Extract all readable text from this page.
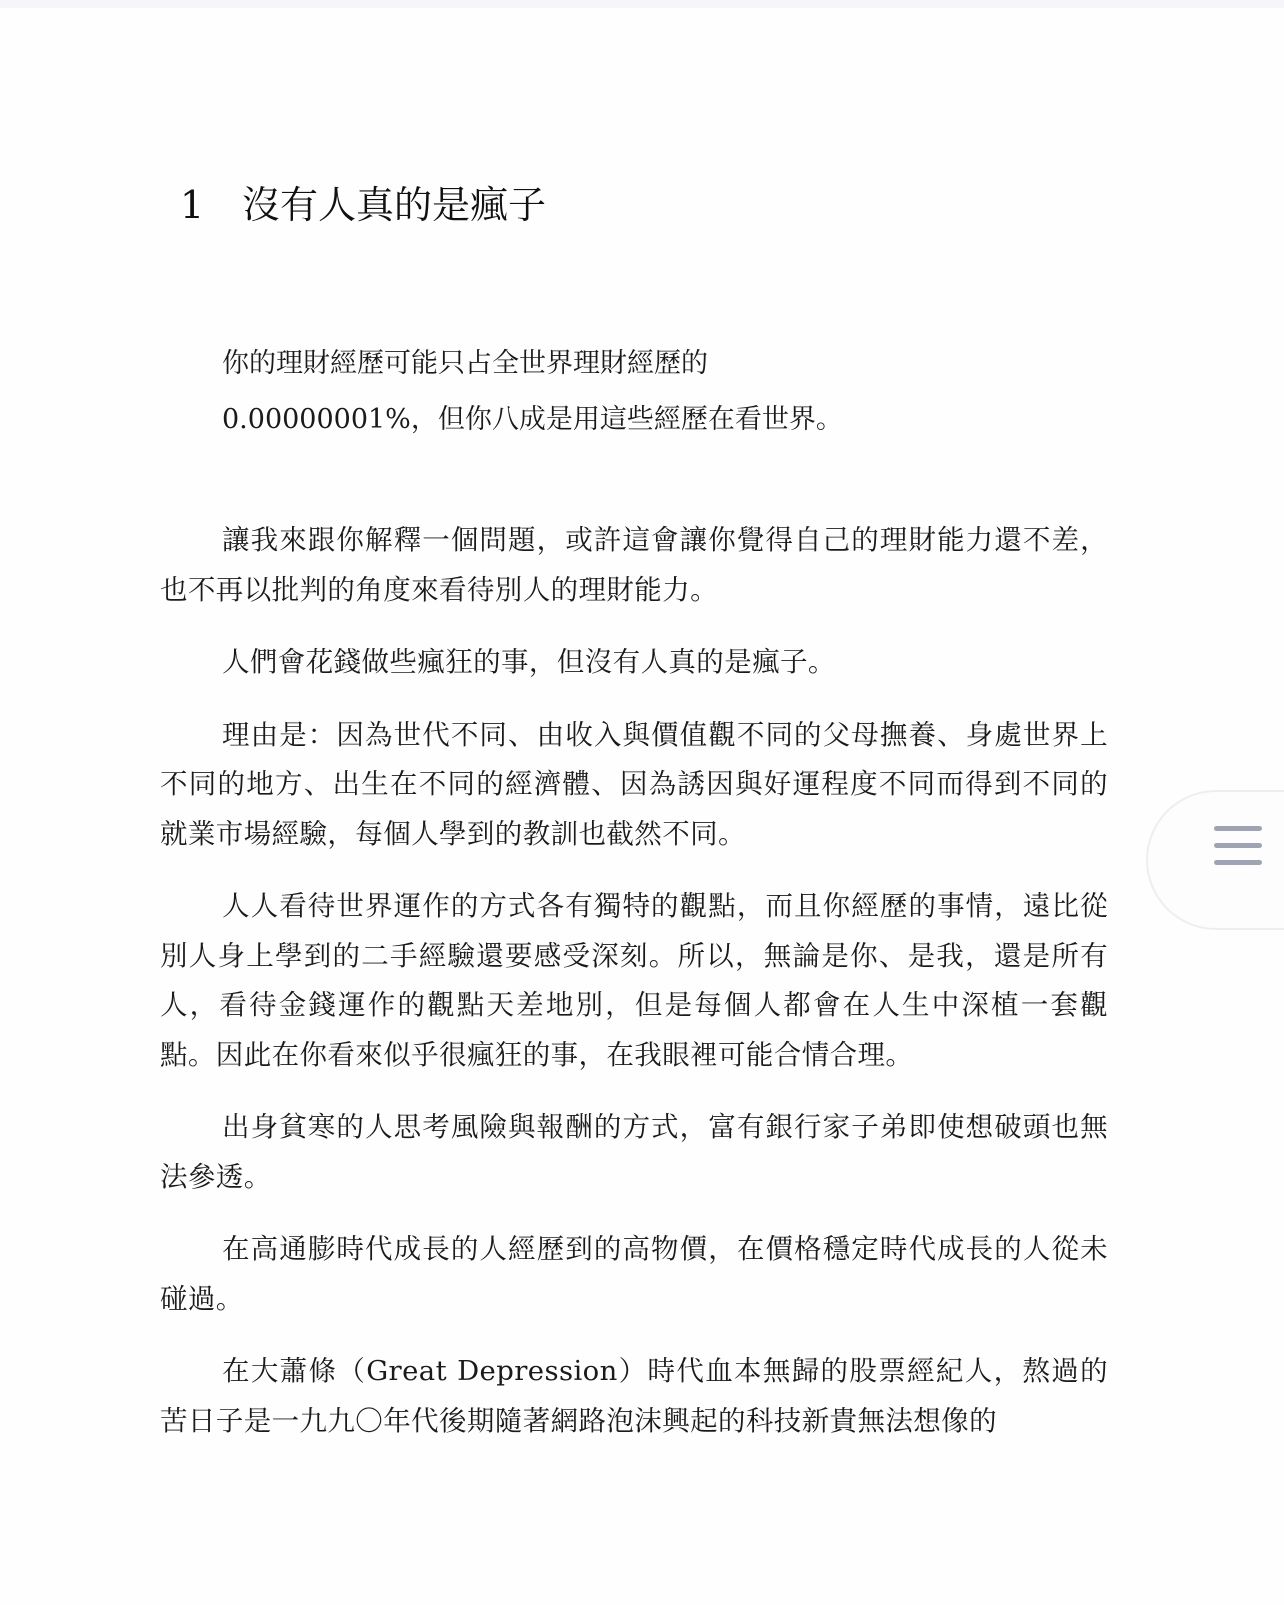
1 沒有人真的是瘋子

你的理財經歷可能只占全世界理財經歷的

0.00000001%，但你八成是用這些經歷在看世界。

讓我來跟你解釋一個問題，或許這會讓你覺得自己的理財能力還不差，也不再以批判的角度來看待別人的理財能力。

人們會花錢做些瘋狂的事，但沒有人真的是瘋子。

理由是：因為世代不同、由收入與價值觀不同的父母撫養、身處世界上不同的地方、出生在不同的經濟體、因為誘因與好運程度不同而得到不同的就業市場經驗，每個人學到的教訓也截然不同。

人人看待世界運作的方式各有獨特的觀點，而且你經歷的事情，遠比從別人身上學到的二手經驗還要感受深刻。所以，無論是你、是我，還是所有人，看待金錢運作的觀點天差地別，但是每個人都會在人生中深植一套觀點。因此在你看來似乎很瘋狂的事，在我眼裡可能合情合理。

出身貧寒的人思考風險與報酬的方式，富有銀行家子弟即使想破頭也無法參透。

在高通膨時代成長的人經歷到的高物價，在價格穩定時代成長的人從未碰過。

在大蕭條（Great Depression）時代血本無歸的股票經紀人，熬過的苦日子是一九九〇年代後期隨著網路泡沫興起的科技新貴無法想像的
